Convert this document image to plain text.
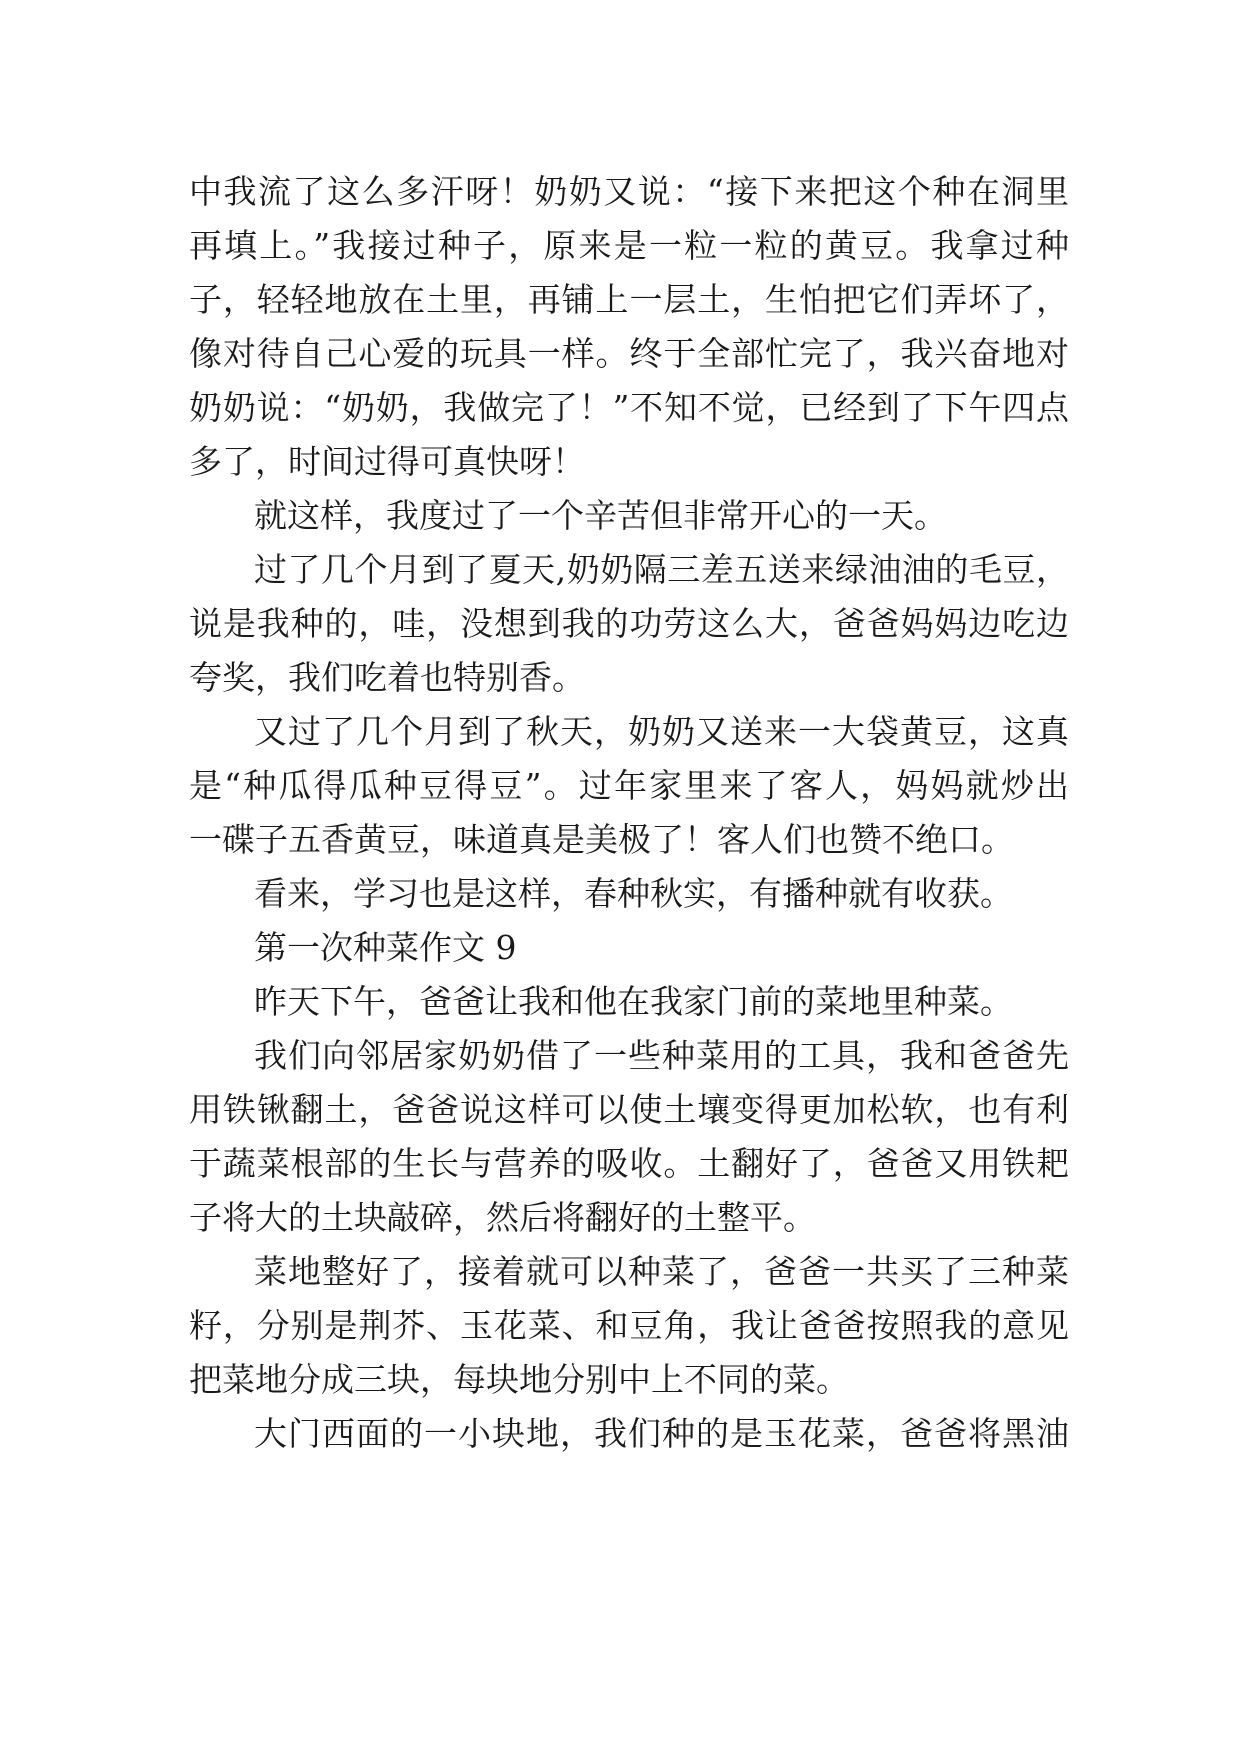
中我流了这么多汗呀！奶奶又说：“接下来把这个种在洞里
再填上。”我接过种子，原来是一粒一粒的黄豆。我拿过种
子，轻轻地放在土里，再铺上一层土，生怕把它们弄坏了，
像对待自己心爱的玩具一样。终于全部忙完了，我兴奋地对
奶奶说：“奶奶，我做完了！”不知不觉，已经到了下午四点
多了，时间过得可真快呀！
就这样，我度过了一个辛苦但非常开心的一天。
过了几个月到了夏天,奶奶隔三差五送来绿油油的毛豆，
说是我种的，哇，没想到我的功劳这么大，爸爸妈妈边吃边
夸奖，我们吃着也特别香。
又过了几个月到了秋天，奶奶又送来一大袋黄豆，这真
是“种瓜得瓜种豆得豆”。过年家里来了客人，妈妈就炒出
一碟子五香黄豆，味道真是美极了！客人们也赞不绝口。
看来，学习也是这样，春种秋实，有播种就有收获。
第一次种菜作文 9
昨天下午，爸爸让我和他在我家门前的菜地里种菜。
我们向邻居家奶奶借了一些种菜用的工具，我和爸爸先
用铁锹翻土，爸爸说这样可以使土壤变得更加松软，也有利
于蔬菜根部的生长与营养的吸收。土翻好了，爸爸又用铁耙
子将大的土块敲碎，然后将翻好的土整平。
菜地整好了，接着就可以种菜了，爸爸一共买了三种菜
籽，分别是荆芥、玉花菜、和豆角，我让爸爸按照我的意见
把菜地分成三块，每块地分别中上不同的菜。
大门西面的一小块地，我们种的是玉花菜，爸爸将黑油
